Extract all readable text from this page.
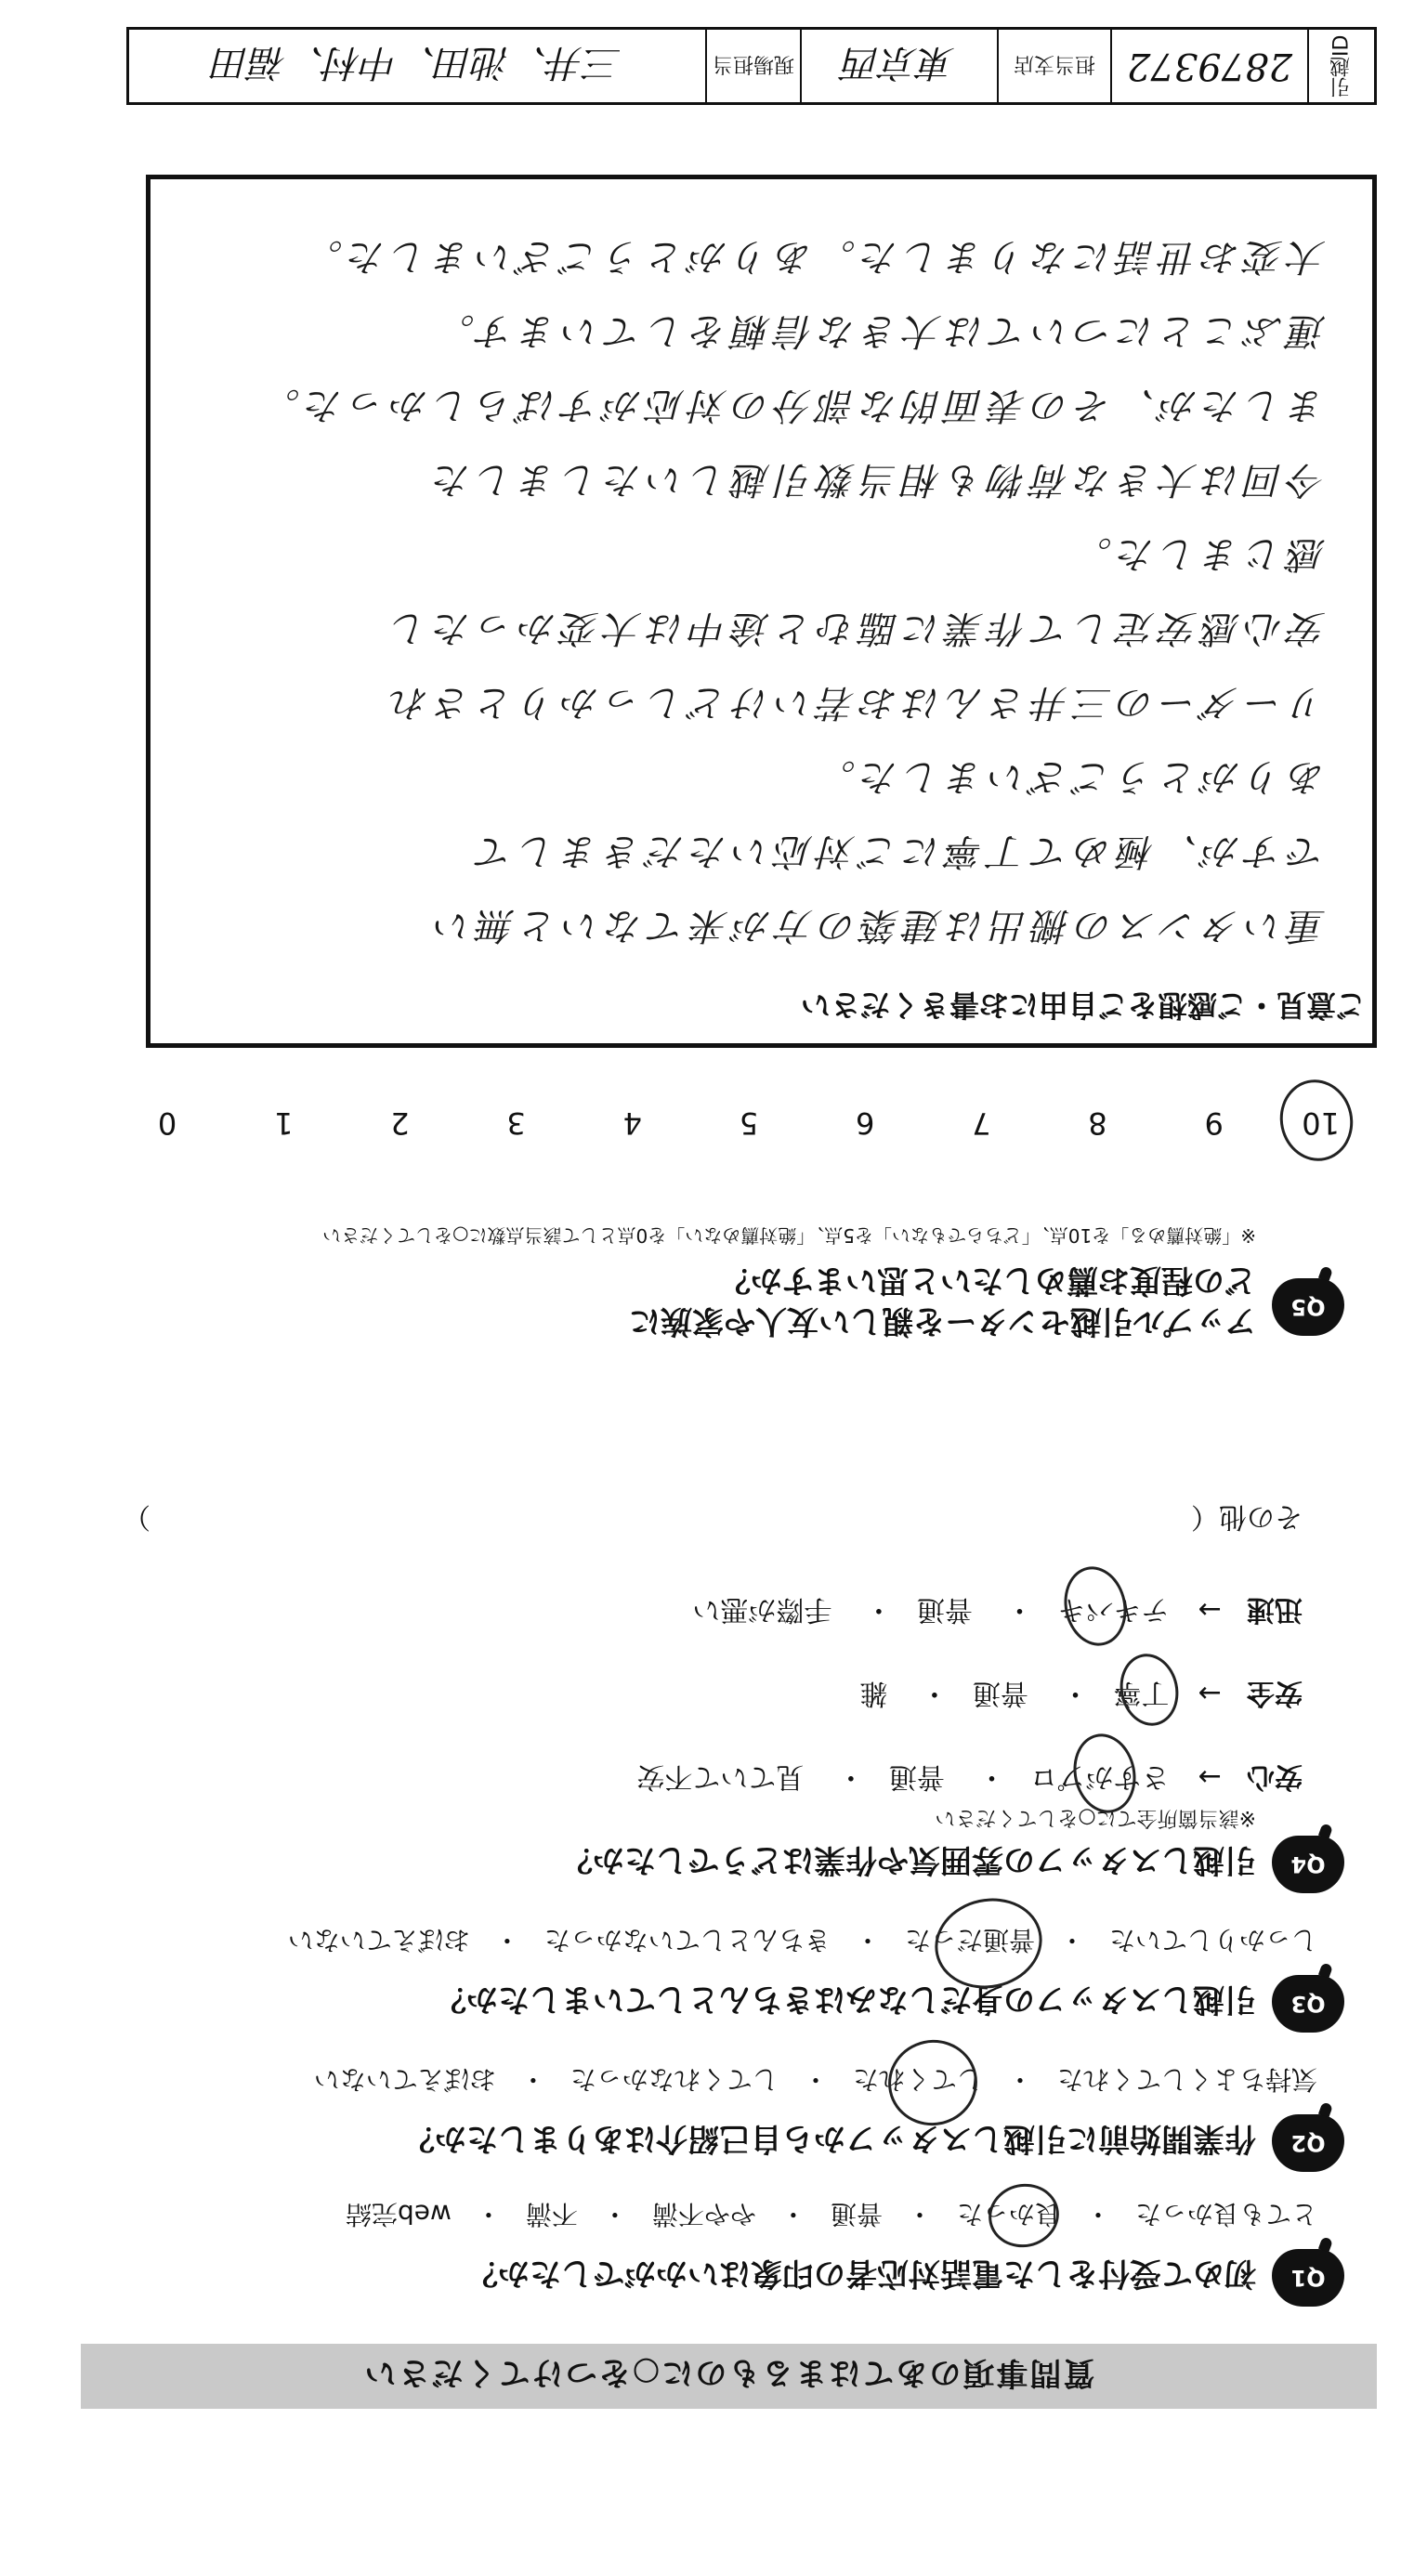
質問事項のあてはまるものに○をつけてください
Q1
初めて受付をした電話対応者の印象はいかがでしたか？
とても良かった
・
良かった
・
普通
・
やや不満
・
不満
・
web完結
Q2
作業開始前に引越しスタッフから自己紹介はありましたか？
気持ちよくしてくれた
・
してくれた
・
してくれなかった
・
おぼえていない
Q3
引越しスタッフの身だしなみはきちんとしていましたか？
しっかりしていた
・
普通だった
・
きちんとしていなかった
・
おぼえていない
Q4
引越しスタッフの雰囲気や作業はどうでしたか？
※該当箇所全てに○をしてください
安心→ さすがプロ
・ 普通・ 見ていて不安
安全→ 丁寧
・ 普通・ 雑
迅速→ テキパキ
・ 普通・ 手際が悪い
その他（
）
Q5
アップル引越センターを親しい友人や家族に
どの程度お薦めしたいと思いますか？
※「絶対薦める」を10点、「どちらでもない」を5点、「絶対薦めない」を0点として該当点数に○をしてください
10
9 8 7 6 5 4 3 2 1 0
ご意見・ご感想をご自由にお書きください
重いタンスの搬出は建築の方が来てないと無い
ですが、極めて丁寧にご対応いただきまして
ありがとうございました。
リーダーの三井さんはお若いけどしっかりとされ
安心感安定して作業に臨むと途中は大変かったし
感じました。
今回は大きな荷物も相当数引越しいたしました
ましたが、その表面的な部分の対応がすばらしかった。
運ぶことについては大きな信頼をしています。
大変お世話になりました。ありがとうございました。
引越ID
2879372
担当支店
東京西
現場担当
三井、池田、中村、福田
